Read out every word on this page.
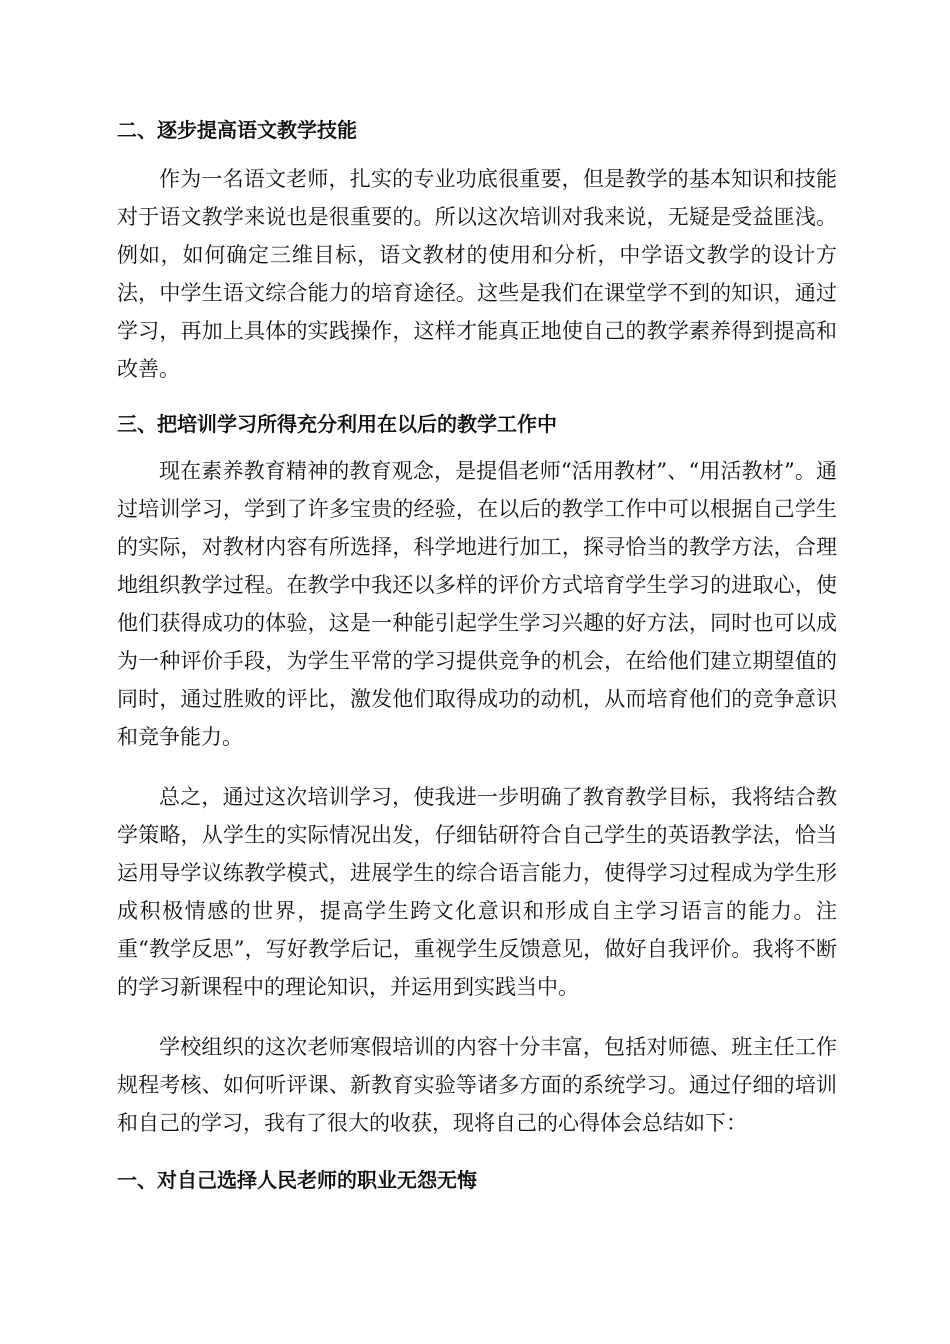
二、逐步提高语文教学技能

作为一名语文老师，扎实的专业功底很重要，但是教学的基本知识和技能对于语文教学来说也是很重要的。所以这次培训对我来说，无疑是受益匪浅。例如，如何确定三维目标，语文教材的使用和分析，中学语文教学的设计方法，中学生语文综合能力的培育途径。这些是我们在课堂学不到的知识，通过学习，再加上具体的实践操作，这样才能真正地使自己的教学素养得到提高和改善。

三、把培训学习所得充分利用在以后的教学工作中

现在素养教育精神的教育观念，是提倡老师“活用教材”、“用活教材”。通过培训学习，学到了许多宝贵的经验，在以后的教学工作中可以根据自己学生的实际，对教材内容有所选择，科学地进行加工，探寻恰当的教学方法，合理地组织教学过程。在教学中我还以多样的评价方式培育学生学习的进取心，使他们获得成功的体验，这是一种能引起学生学习兴趣的好方法，同时也可以成为一种评价手段，为学生平常的学习提供竞争的机会，在给他们建立期望值的同时，通过胜败的评比，激发他们取得成功的动机，从而培育他们的竞争意识和竞争能力。

总之，通过这次培训学习，使我进一步明确了教育教学目标，我将结合教学策略，从学生的实际情况出发，仔细钻研符合自己学生的英语教学法，恰当运用导学议练教学模式，进展学生的综合语言能力，使得学习过程成为学生形成积极情感的世界，提高学生跨文化意识和形成自主学习语言的能力。注重“教学反思”，写好教学后记，重视学生反馈意见，做好自我评价。我将不断的学习新课程中的理论知识，并运用到实践当中。

学校组织的这次老师寒假培训的内容十分丰富，包括对师德、班主任工作规程考核、如何听评课、新教育实验等诸多方面的系统学习。通过仔细的培训和自己的学习，我有了很大的收获，现将自己的心得体会总结如下：

一、对自己选择人民老师的职业无怨无悔
